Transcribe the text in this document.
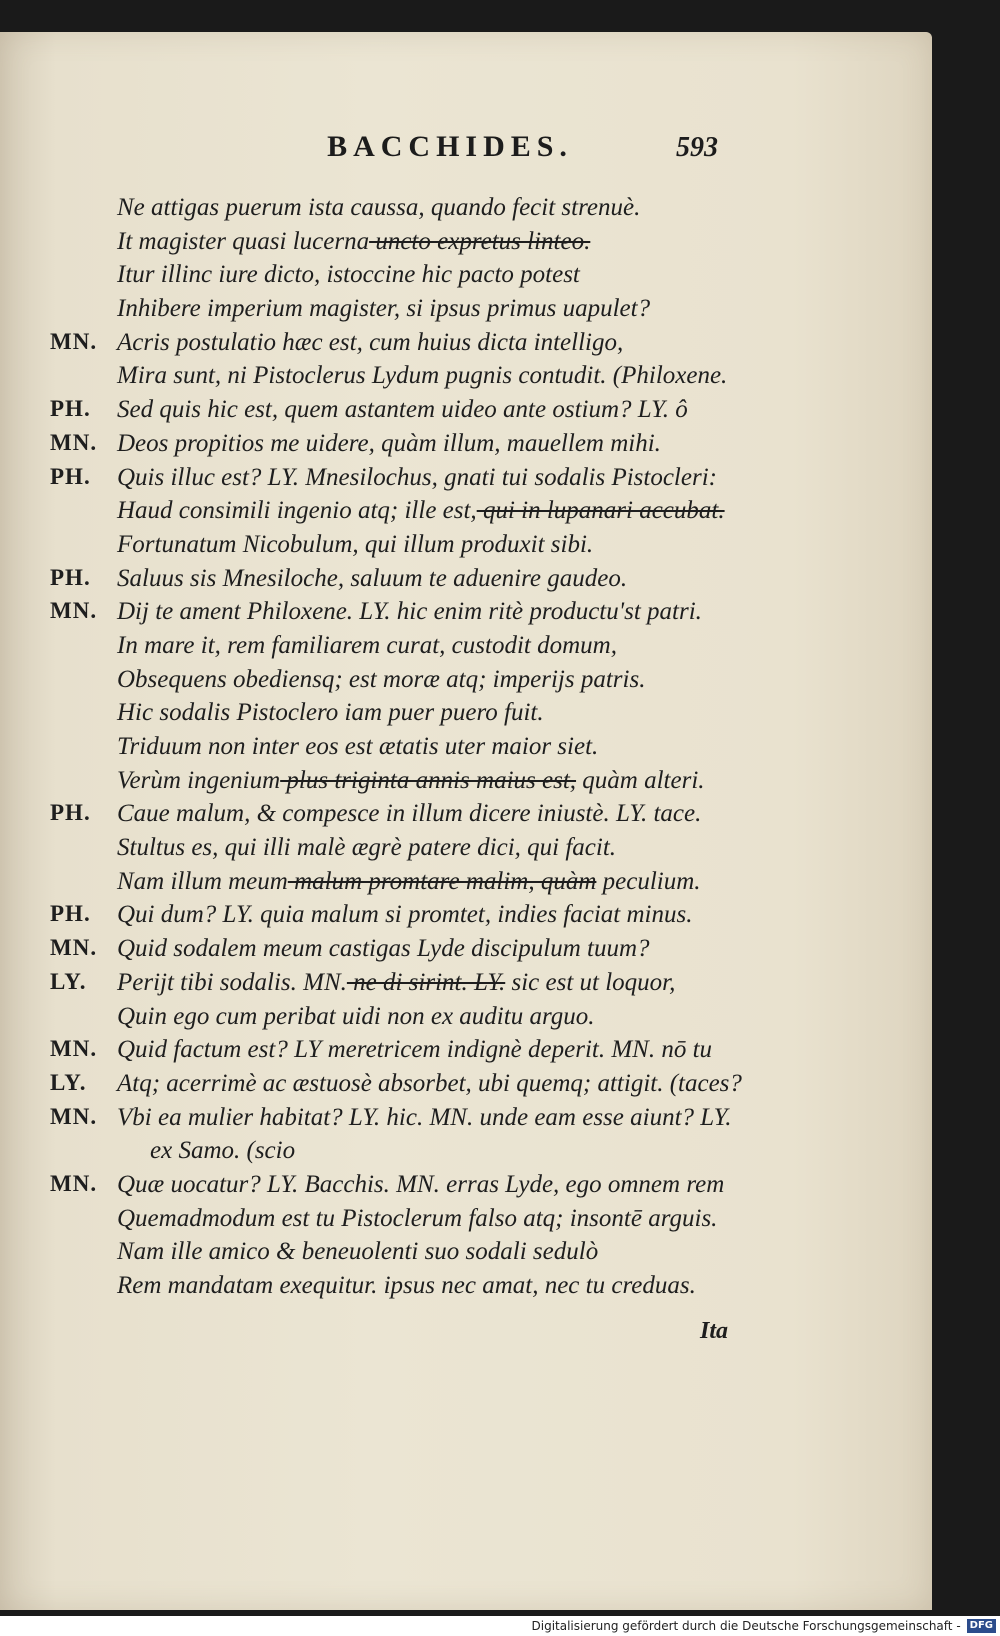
BACCHIDES.	593
Ne attigas puerum ista caussa, quando fecit strenuè.
It magister quasi lucerna uncto expretus linteo.
Itur illinc iure dicto, istoccine hic pacto potest
Inhibere imperium magister, si ipsus primus uapulet?
MN. Acris postulatio hæc est, cum huius dicta intelligo,
Mira sunt, ni Pistoclerus Lydum pugnis contudit. (Philoxene.
PH. Sed quis hic est, quem astantem uideo ante ostium? LY. ô
MN. Deos propitios me uidere, quàm illum, mauellem mihi.
PH. Quis illuc est? LY. Mnesilochus, gnati tui sodalis Pistocleri:
Haud consimili ingenio atq; ille est, qui in lupanari accubat.
Fortunatum Nicobulum, qui illum produxit sibi.
PH. Saluus sis Mnesiloche, saluum te aduenire gaudeo.
MN. Dij te ament Philoxene. LY. hic enim ritè productu'st patri.
In mare it, rem familiarem curat, custodit domum,
Obsequens obediensq; est moræ atq; imperijs patris.
Hic sodalis Pistoclero iam puer puero fuit.
Triduum non inter eos est ætatis uter maior siet.
Verùm ingenium plus triginta annis maius est, quàm alteri.
PH. Caue malum, & compesce in illum dicere iniustè. LY. tace.
Stultus es, qui illi malè ægrè patere dici, qui facit.
Nam illum meum malum promtare malim, quàm peculium.
PH. Qui dum? LY. quia malum si promtet, indies faciat minus.
MN. Quid sodalem meum castigas Lyde discipulum tuum?
LY. Perijt tibi sodalis. MN. ne di sirint. LY. sic est ut loquor,
Quin ego cum peribat uidi non ex auditu arguo.
MN. Quid factum est? LY meretricem indignè deperit. MN. nō tu
LY. Atq; acerrimè ac æstuosè absorbet, ubi quemq; attigit. (taces?
MN. Vbi ea mulier habitat? LY. hic. MN. unde eam esse aiunt? LY.
ex Samo. (scio
MN. Quæ uocatur? LY. Bacchis. MN. erras Lyde, ego omnem rem
Quemadmodum est tu Pistoclerum falso atq; insontē arguis.
Nam ille amico & beneuolenti suo sodali sedulò
Rem mandatam exequitur. ipsus nec amat, nec tu creduas.
Ita
Digitalisierung gefördert durch die Deutsche Forschungsgemeinschaft - DFG
